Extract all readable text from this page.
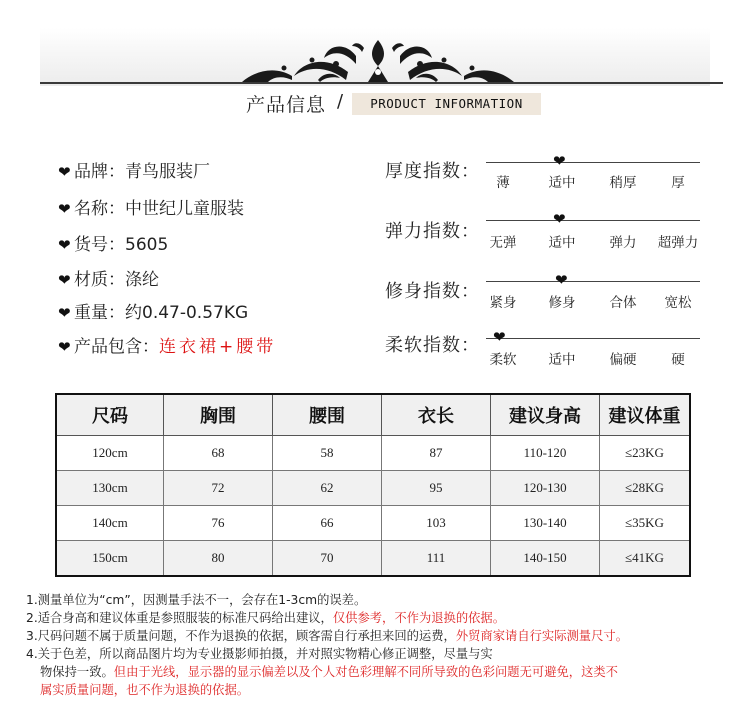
产品信息 /	PRODUCT INFORMATION
❤ 品牌：青鸟服装厂
❤ 名称：中世纪儿童服装
❤ 货号：5605
❤ 材质：涤纶
❤ 重量：约0.47-0.57KG
❤ 产品包含：连衣裙+腰带
厚度指数：	❤
薄	适中	稍厚	厚
弹力指数：
❤
无弹 适中	弹力 超弹力
修身指数：
❤
紧身 修身	合体 宽松
柔软指数： ❤
柔软 适中	偏硬	硬
尺码	胸围	腰围	衣长	建议身高	建议体重
120cm	68	58	87	110-120	≤23KG
130cm	72	62	95	120-130	≤28KG
140cm	76	66	103	130-140	≤35KG
150cm	80	70	111	140-150	≤41KG
1.测量单位为“cm”，因测量手法不一，会存在1-3cm的误差。
2.适合身高和建议体重是参照服装的标准尺码给出建议，仅供参考，不作为退换的依据。
3.尺码问题不属于质量问题，不作为退换的依据，顾客需自行承担来回的运费，外贸商家请自行实际测量尺寸。
4.关于色差，所以商品图片均为专业摄影师拍摄，并对照实物精心修正调整，尽量与实
物保持一致。但由于光线，显示器的显示偏差以及个人对色彩理解不同所导致的色彩问题无可避免，这类不
属实质量问题，也不作为退换的依据。
